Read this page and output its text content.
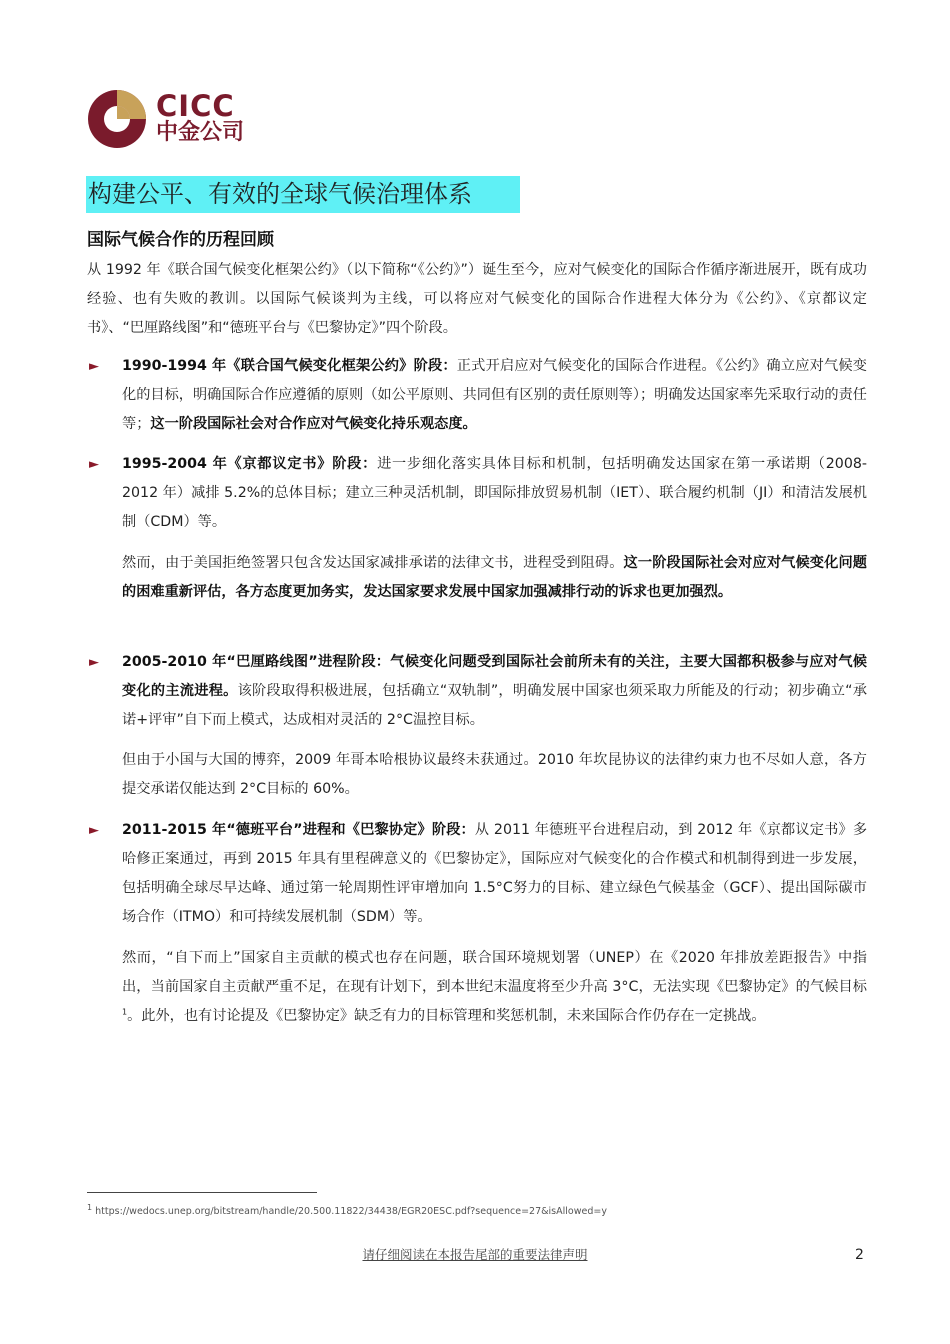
CICC
中金公司
构建公平、有效的全球气候治理体系
国际气候合作的历程回顾
从 1992 年《联合国气候变化框架公约》（以下简称“《公约》”）诞生至今，应对气候变化的国际合作循序渐进展开，既有成功经验、也有失败的教训。以国际气候谈判为主线，可以将应对气候变化的国际合作进程大体分为《公约》、《京都议定书》、“巴厘路线图”和“德班平台与《巴黎协定》”四个阶段。
► 1990-1994 年《联合国气候变化框架公约》阶段：正式开启应对气候变化的国际合作进程。《公约》确立应对气候变化的目标，明确国际合作应遵循的原则（如公平原则、共同但有区别的责任原则等）；明确发达国家率先采取行动的责任等；这一阶段国际社会对合作应对气候变化持乐观态度。
► 1995-2004 年《京都议定书》阶段：进一步细化落实具体目标和机制，包括明确发达国家在第一承诺期（2008-2012 年）减排 5.2%的总体目标；建立三种灵活机制，即国际排放贸易机制（IET）、联合履约机制（JI）和清洁发展机制（CDM）等。
然而，由于美国拒绝签署只包含发达国家减排承诺的法律文书，进程受到阻碍。这一阶段国际社会对应对气候变化问题的困难重新评估，各方态度更加务实，发达国家要求发展中国家加强减排行动的诉求也更加强烈。
► 2005-2010 年“巴厘路线图”进程阶段：气候变化问题受到国际社会前所未有的关注，主要大国都积极参与应对气候变化的主流进程。该阶段取得积极进展，包括确立“双轨制”，明确发展中国家也须采取力所能及的行动；初步确立“承诺+评审”自下而上模式，达成相对灵活的 2°C温控目标。
但由于小国与大国的博弈，2009 年哥本哈根协议最终未获通过。2010 年坎昆协议的法律约束力也不尽如人意，各方提交承诺仅能达到 2°C目标的 60%。
► 2011-2015 年“德班平台”进程和《巴黎协定》阶段：从 2011 年德班平台进程启动，到 2012 年《京都议定书》多哈修正案通过，再到 2015 年具有里程碑意义的《巴黎协定》，国际应对气候变化的合作模式和机制得到进一步发展，包括明确全球尽早达峰、通过第一轮周期性评审增加向 1.5°C努力的目标、建立绿色气候基金（GCF）、提出国际碳市场合作（ITMO）和可持续发展机制（SDM）等。
然而，“自下而上”国家自主贡献的模式也存在问题，联合国环境规划署（UNEP）在《2020 年排放差距报告》中指出，当前国家自主贡献严重不足，在现有计划下，到本世纪末温度将至少升高 3°C，无法实现《巴黎协定》的气候目标$^1$。此外，也有讨论提及《巴黎协定》缺乏有力的目标管理和奖惩机制，未来国际合作仍存在一定挑战。
$^1$ https://wedocs.unep.org/bitstream/handle/20.500.11822/34438/EGR20ESC.pdf?sequence=27&isAllowed=y
请仔细阅读在本报告尾部的重要法律声明	2
